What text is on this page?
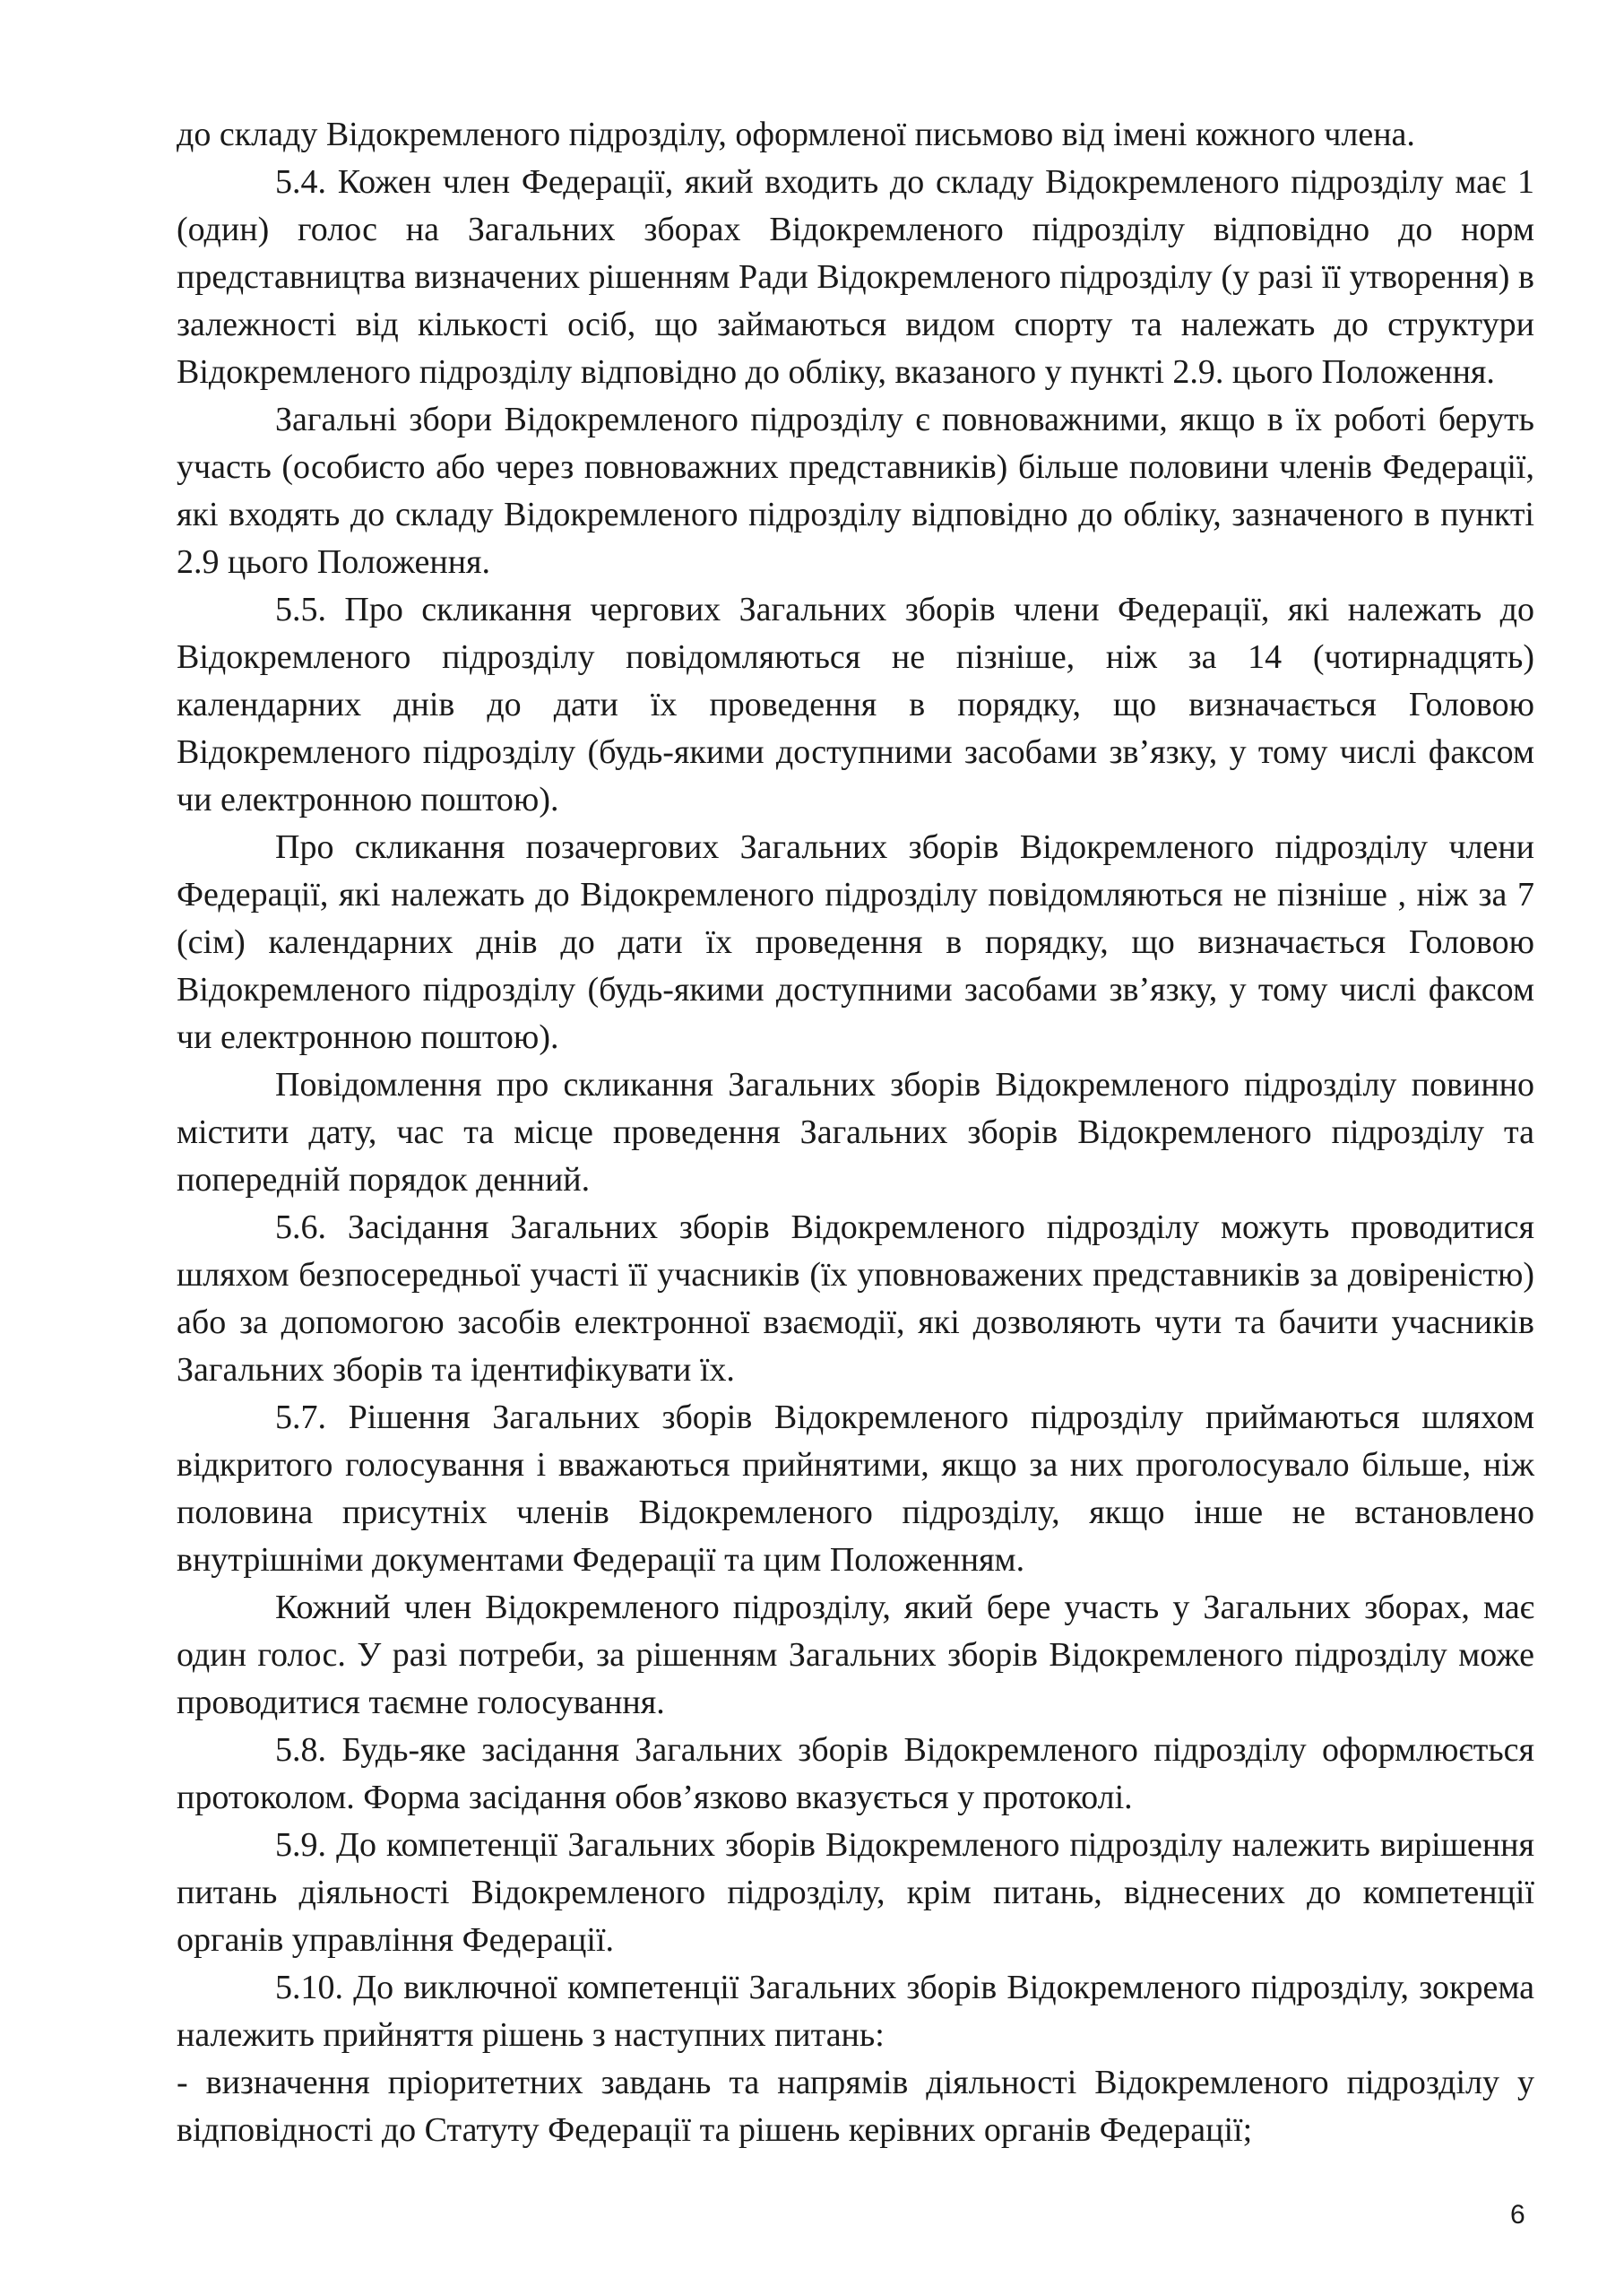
до складу Відокремленого підрозділу, оформленої письмово від імені кожного члена.

5.4. Кожен член Федерації, який входить до складу Відокремленого підрозділу має 1 (один) голос на Загальних зборах Відокремленого підрозділу відповідно до норм представництва визначених рішенням Ради Відокремленого підрозділу (у разі її утворення) в залежності від кількості осіб, що займаються видом спорту та належать до структури Відокремленого підрозділу відповідно до обліку, вказаного у пункті 2.9. цього Положення.

Загальні збори Відокремленого підрозділу є повноважними, якщо в їх роботі беруть участь (особисто або через повноважних представників) більше половини членів Федерації, які входять до складу Відокремленого підрозділу відповідно до обліку, зазначеного в пункті 2.9 цього Положення.

5.5. Про скликання чергових Загальних зборів члени Федерації, які належать до Відокремленого підрозділу повідомляються не пізніше, ніж за 14 (чотирнадцять) календарних днів до дати їх проведення в порядку, що визначається Головою Відокремленого підрозділу (будь-якими доступними засобами зв’язку, у тому числі факсом чи електронною поштою).

Про скликання позачергових Загальних зборів Відокремленого підрозділу члени Федерації, які належать до Відокремленого підрозділу повідомляються не пізніше , ніж за 7 (сім) календарних днів до дати їх проведення в порядку, що визначається Головою Відокремленого підрозділу (будь-якими доступними засобами зв’язку, у тому числі факсом чи електронною поштою).

Повідомлення про скликання Загальних зборів Відокремленого підрозділу повинно містити дату, час та місце проведення Загальних зборів Відокремленого підрозділу та попередній порядок денний.

5.6. Засідання Загальних зборів Відокремленого підрозділу можуть проводитися шляхом безпосередньої участі її учасників (їх уповноважених представників за довіреністю) або за допомогою засобів електронної взаємодії, які дозволяють чути та бачити учасників Загальних зборів та ідентифікувати їх.

5.7. Рішення Загальних зборів Відокремленого підрозділу приймаються шляхом відкритого голосування і вважаються прийнятими, якщо за них проголосувало більше, ніж половина присутніх членів Відокремленого підрозділу, якщо інше не встановлено внутрішніми документами Федерації та цим Положенням.

Кожний член Відокремленого підрозділу, який бере участь у Загальних зборах, має один голос. У разі потреби, за рішенням Загальних зборів Відокремленого підрозділу може проводитися таємне голосування.

5.8. Будь-яке засідання Загальних зборів Відокремленого підрозділу оформлюється протоколом. Форма засідання обов’язково вказується у протоколі.

5.9. До компетенції Загальних зборів Відокремленого підрозділу належить вирішення питань діяльності Відокремленого підрозділу, крім питань, віднесених до компетенції органів управління Федерації.

5.10. До виключної компетенції Загальних зборів Відокремленого підрозділу, зокрема належить прийняття рішень з наступних питань:

- визначення пріоритетних завдань та напрямів діяльності Відокремленого підрозділу у відповідності до Статуту Федерації та рішень керівних органів Федерації;

6
